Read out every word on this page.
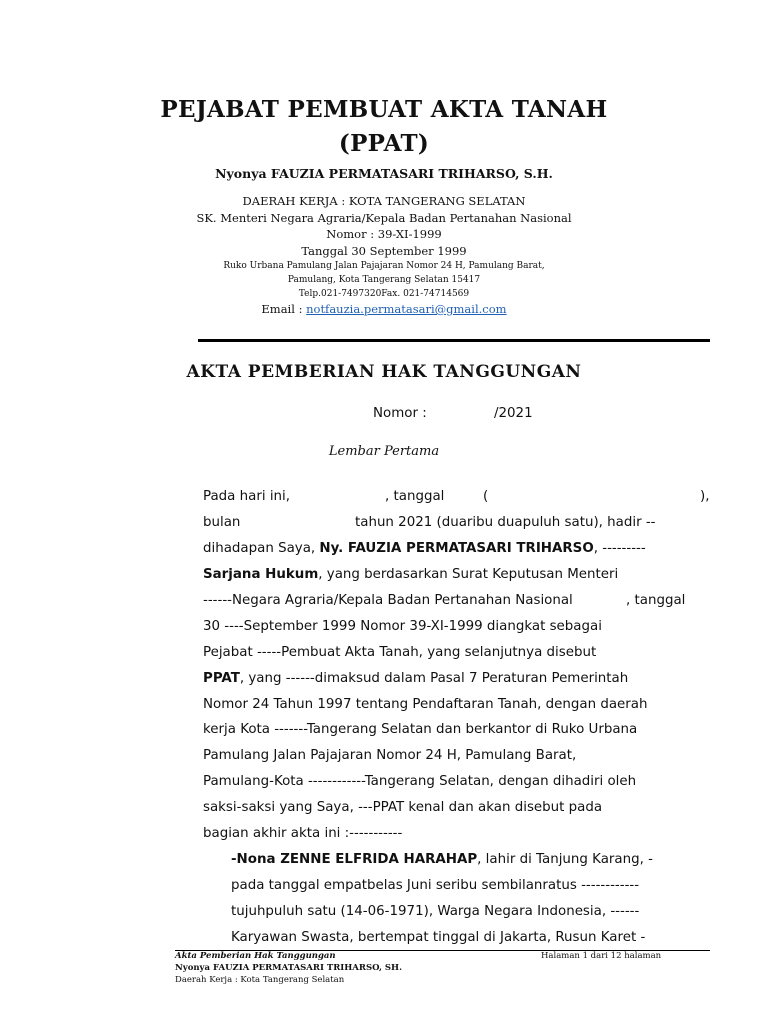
PEJABAT PEMBUAT AKTA TANAH
(PPAT)
Nyonya FAUZIA PERMATASARI TRIHARSO, S.H.
DAERAH KERJA : KOTA TANGERANG SELATAN
SK. Menteri Negara Agraria/Kepala Badan Pertanahan Nasional
Nomor : 39-XI-1999
Tanggal 30 September 1999
Ruko Urbana Pamulang Jalan Pajajaran Nomor 24 H, Pamulang Barat,
Pamulang, Kota Tangerang Selatan 15417
Telp.021-7497320Fax. 021-74714569
Email : notfauzia.permatasari@gmail.com
AKTA PEMBERIAN HAK TANGGUNGAN
Nomor :	/2021
Lembar Pertama
Pada hari ini,	, tanggal	(	),
bulan	tahun 2021 (duaribu duapuluh satu), hadir --
dihadapan Saya, Ny. FAUZIA PERMATASARI TRIHARSO, ---------
Sarjana Hukum, yang berdasarkan Surat Keputusan Menteri
------Negara Agraria/Kepala Badan Pertanahan Nasional	, tanggal
30 ----September 1999 Nomor 39-XI-1999 diangkat sebagai
Pejabat -----Pembuat Akta Tanah, yang selanjutnya disebut
PPAT, yang ------dimaksud dalam Pasal 7 Peraturan Pemerintah
Nomor 24 Tahun 1997 tentang Pendaftaran Tanah, dengan daerah
kerja Kota -------Tangerang Selatan dan berkantor di Ruko Urbana
Pamulang Jalan Pajajaran Nomor 24 H, Pamulang Barat,
Pamulang-Kota ------------Tangerang Selatan, dengan dihadiri oleh
saksi-saksi yang Saya, ---PPAT kenal dan akan disebut pada
bagian akhir akta ini :-----------
-Nona ZENNE ELFRIDA HARAHAP, lahir di Tanjung Karang, -
pada tanggal empatbelas Juni seribu sembilanratus ------------
tujuhpuluh satu (14-06-1971), Warga Negara Indonesia, ------
Karyawan Swasta, bertempat tinggal di Jakarta, Rusun Karet -
Akta Pemberian Hak Tanggungan	Halaman 1 dari 12 halaman
Nyonya FAUZIA PERMATASARI TRIHARSO, SH.
Daerah Kerja : Kota Tangerang Selatan
